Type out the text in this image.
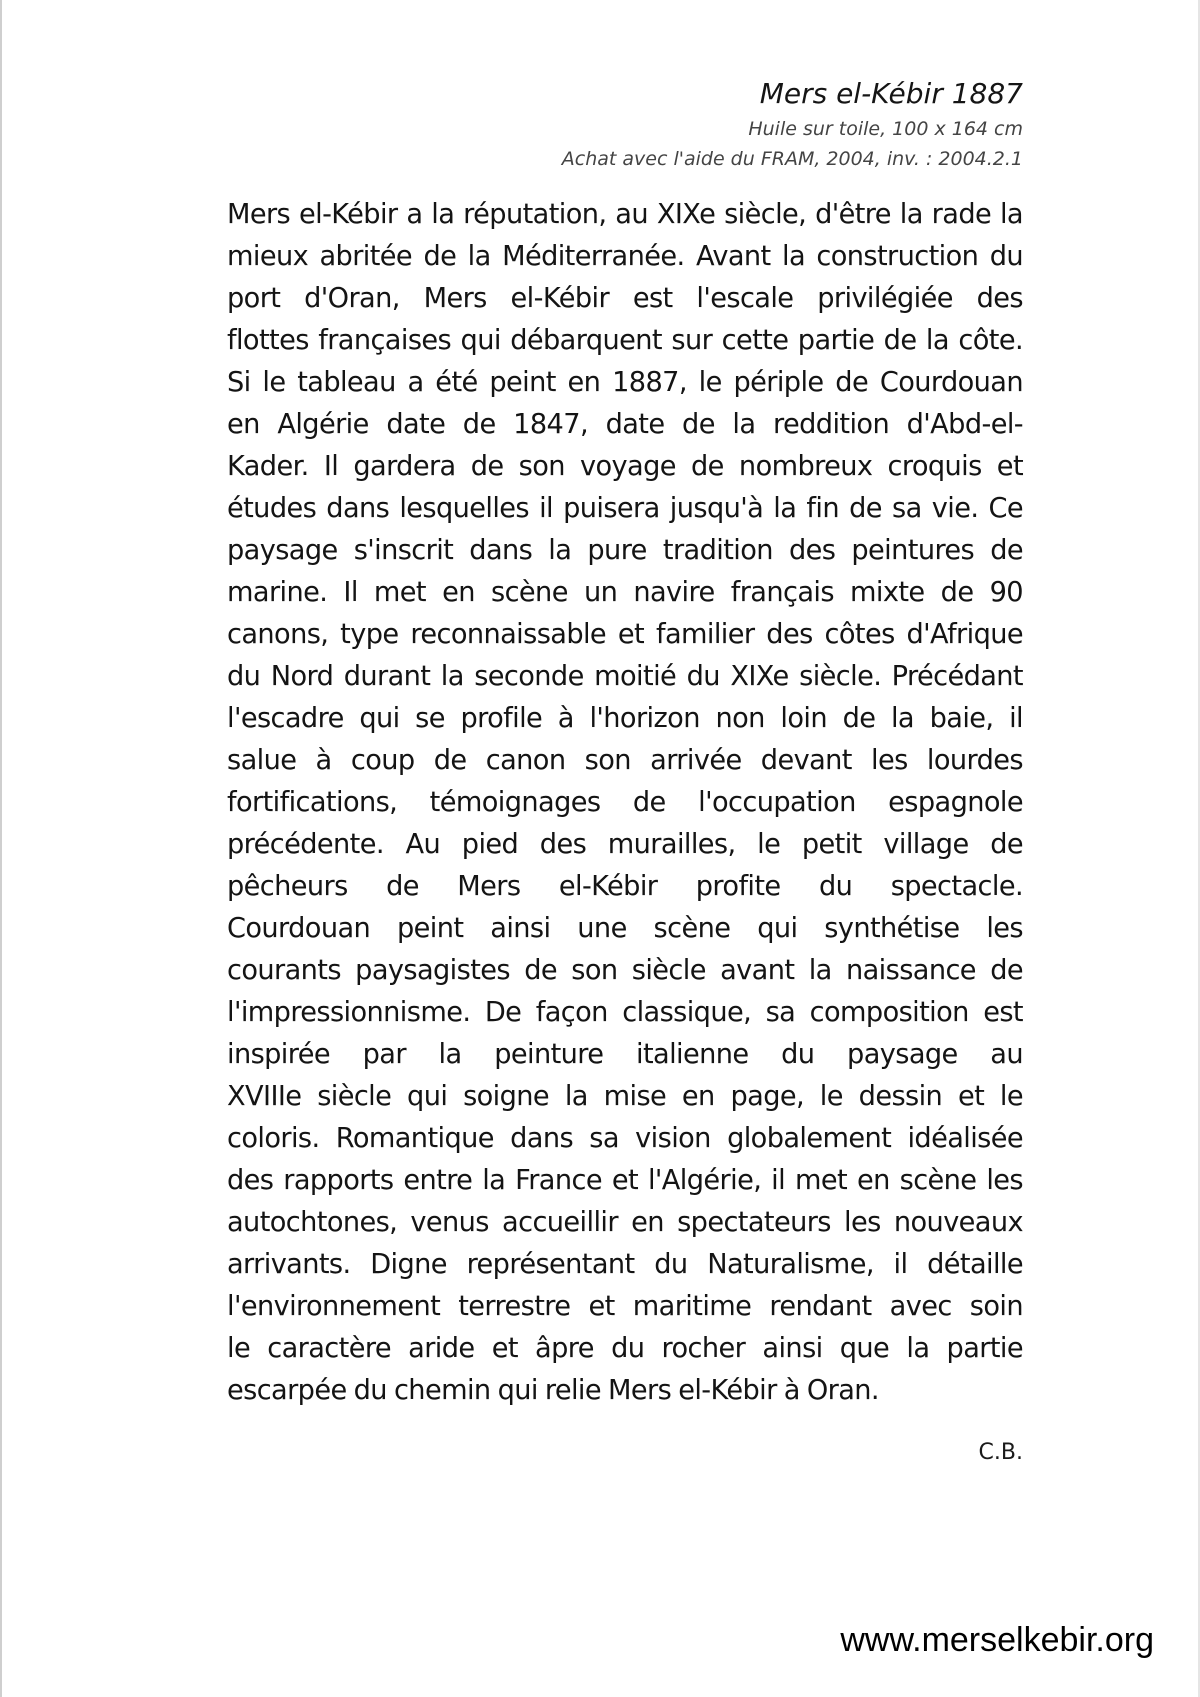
Mers el-Kébir 1887

Huile sur toile, 100 x 164 cm

Achat avec l'aide du FRAM, 2004, inv. : 2004.2.1

Mers el-Kébir a la réputation, au XIXe siècle, d'être la rade la
mieux abritée de la Méditerranée. Avant la construction du
port d'Oran, Mers el-Kébir est l'escale privilégiée des
flottes françaises qui débarquent sur cette partie de la côte.
Si le tableau a été peint en 1887, le périple de Courdouan
en Algérie date de 1847, date de la reddition d'Abd-el-
Kader. Il gardera de son voyage de nombreux croquis et
études dans lesquelles il puisera jusqu'à la fin de sa vie. Ce
paysage s'inscrit dans la pure tradition des peintures de
marine. Il met en scène un navire français mixte de 90
canons, type reconnaissable et familier des côtes d'Afrique
du Nord durant la seconde moitié du XIXe siècle. Précédant
l'escadre qui se profile à l'horizon non loin de la baie, il
salue à coup de canon son arrivée devant les lourdes
fortifications, témoignages de l'occupation espagnole
précédente. Au pied des murailles, le petit village de
pêcheurs de Mers el-Kébir profite du spectacle.
Courdouan peint ainsi une scène qui synthétise les
courants paysagistes de son siècle avant la naissance de
l'impressionnisme. De façon classique, sa composition est
inspirée par la peinture italienne du paysage au
XVIIIe siècle qui soigne la mise en page, le dessin et le
coloris. Romantique dans sa vision globalement idéalisée
des rapports entre la France et l'Algérie, il met en scène les
autochtones, venus accueillir en spectateurs les nouveaux
arrivants. Digne représentant du Naturalisme, il détaille
l'environnement terrestre et maritime rendant avec soin
le caractère aride et âpre du rocher ainsi que la partie
escarpée du chemin qui relie Mers el-Kébir à Oran.
C.B.
www.merselkebir.org
